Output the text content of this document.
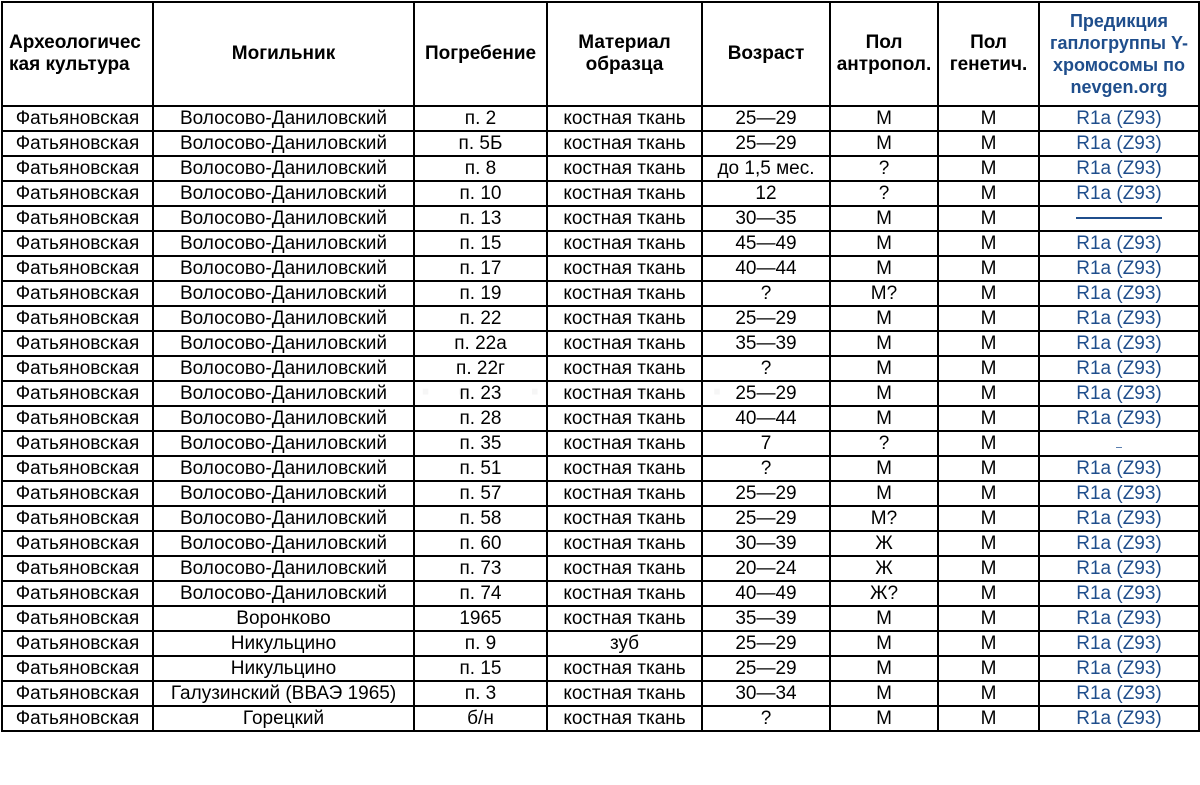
Археологичес кая культура	Могильник	Погребение	Материал образца	Возраст	Пол антропол.	Пол генетич.	Предикция гаплогруппы Y-хромосомы по nevgen.org
Фатьяновская	Волосово-Даниловский	п. 2	костная ткань	25—29	М	М	R1a (Z93)
Фатьяновская	Волосово-Даниловский	п. 5Б	костная ткань	25—29	М	М	R1a (Z93)
Фатьяновская	Волосово-Даниловский	п. 8	костная ткань	до 1,5 мес.	?	М	R1a (Z93)
Фатьяновская	Волосово-Даниловский	п. 10	костная ткань	12	?	М	R1a (Z93)
Фатьяновская	Волосово-Даниловский	п. 13	костная ткань	30—35	М	М	
Фатьяновская	Волосово-Даниловский	п. 15	костная ткань	45—49	М	М	R1a (Z93)
Фатьяновская	Волосово-Даниловский	п. 17	костная ткань	40—44	М	М	R1a (Z93)
Фатьяновская	Волосово-Даниловский	п. 19	костная ткань	?	М?	М	R1a (Z93)
Фатьяновская	Волосово-Даниловский	п. 22	костная ткань	25—29	М	М	R1a (Z93)
Фатьяновская	Волосово-Даниловский	п. 22а	костная ткань	35—39	М	М	R1a (Z93)
Фатьяновская	Волосово-Даниловский	п. 22г	костная ткань	?	М	М	R1a (Z93)
Фатьяновская	Волосово-Даниловский	п. 23	костная ткань	25—29	М	М	R1a (Z93)
Фатьяновская	Волосово-Даниловский	п. 28	костная ткань	40—44	М	М	R1a (Z93)
Фатьяновская	Волосово-Даниловский	п. 35	костная ткань	7	?	М	
Фатьяновская	Волосово-Даниловский	п. 51	костная ткань	?	М	М	R1a (Z93)
Фатьяновская	Волосово-Даниловский	п. 57	костная ткань	25—29	М	М	R1a (Z93)
Фатьяновская	Волосово-Даниловский	п. 58	костная ткань	25—29	М?	М	R1a (Z93)
Фатьяновская	Волосово-Даниловский	п. 60	костная ткань	30—39	Ж	М	R1a (Z93)
Фатьяновская	Волосово-Даниловский	п. 73	костная ткань	20—24	Ж	М	R1a (Z93)
Фатьяновская	Волосово-Даниловский	п. 74	костная ткань	40—49	Ж?	М	R1a (Z93)
Фатьяновская	Воронково	1965	костная ткань	35—39	М	М	R1a (Z93)
Фатьяновская	Никульцино	п. 9	зуб	25—29	М	М	R1a (Z93)
Фатьяновская	Никульцино	п. 15	костная ткань	25—29	М	М	R1a (Z93)
Фатьяновская	Галузинский (ВВАЭ 1965)	п. 3	костная ткань	30—34	М	М	R1a (Z93)
Фатьяновская	Горецкий	б/н	костная ткань	?	М	М	R1a (Z93)
